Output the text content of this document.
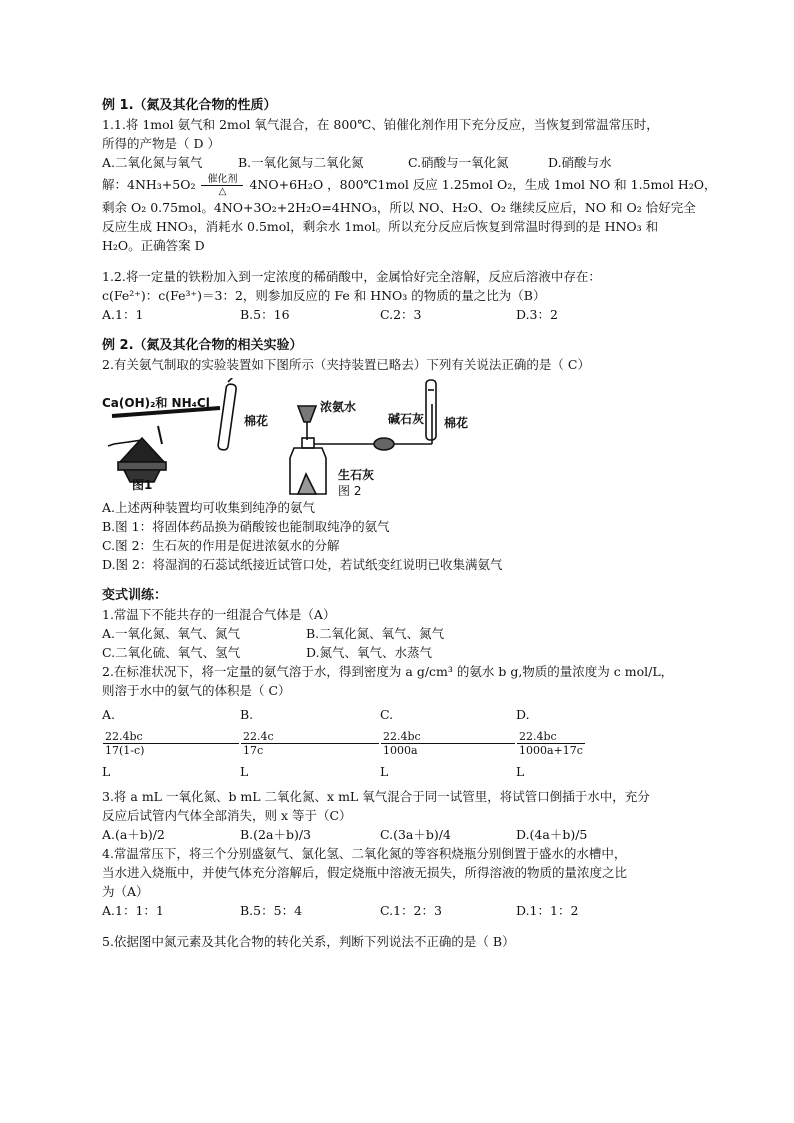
例 1.（氮及其化合物的性质）

1.1.将 1mol 氨气和 2mol 氧气混合，在 800℃、铂催化剂作用下充分反应，当恢复到常温常压时，

所得的产物是（ D ）

A.二氧化氮与氧气	B.一氧化氮与二氧化氮	C.硝酸与一氧化氮	D.硝酸与水

解：4NH₃+5O₂	催化剂
△ 4NO+6H₂O ，800℃1mol 反应 1.25mol O₂，生成 1mol NO 和 1.5mol H₂O，

剩余 O₂ 0.75mol。4NO+3O₂+2H₂O=4HNO₃，所以 NO、H₂O、O₂ 继续反应后，NO 和 O₂ 恰好完全

反应生成 HNO₃，消耗水 0.5mol，剩余水 1mol。所以充分反应后恢复到常温时得到的是 HNO₃ 和

H₂O。正确答案 D

1.2.将一定量的铁粉加入到一定浓度的稀硝酸中，金属恰好完全溶解，反应后溶液中存在：

c(Fe²⁺)：c(Fe³⁺)＝3：2，则参加反应的 Fe 和 HNO₃ 的物质的量之比为（B）

A.1：1	B.5：16	C.2：3	D.3：2

例 2.（氮及其化合物的相关实验）

2.有关氨气制取的实验装置如下图所示（夹持装置已略去）下列有关说法正确的是（ C）

Ca(OH)₂和 NH₄Cl
棉花
图1
浓氨水
碱石灰 棉花
生石灰
图 2

A.上述两种装置均可收集到纯净的氨气

B.图 1：将固体药品换为硝酸铵也能制取纯净的氨气

C.图 2：生石灰的作用是促进浓氨水的分解

D.图 2：将湿润的石蕊试纸接近试管口处，若试纸变红说明已收集满氨气

变式训练：

1.常温下不能共存的一组混合气体是（A）

A.一氧化氮、氧气、氮气	B.二氧化氮、氧气、氮气
C.二氧化硫、氧气、氢气	D.氮气、氧气、水蒸气

2.在标准状况下，将一定量的氨气溶于水，得到密度为 a g/cm³ 的氨水 b g,物质的量浓度为 c mol/L，

则溶于水中的氨气的体积是（ C）

A.
22.4bc
17(1-c)
L
B.
22.4c
17c
L
C.
22.4bc
1000a
L
D.
22.4bc
1000a+17c
L

3.将 a mL 一氧化氮、b mL 二氧化氮、x mL 氧气混合于同一试管里，将试管口倒插于水中，充分

反应后试管内气体全部消失，则 x 等于（C）

A.(a＋b)/2	B.(2a＋b)/3	C.(3a＋b)/4	D.(4a＋b)/5

4.常温常压下，将三个分别盛氨气、氯化氢、二氧化氮的等容积烧瓶分别倒置于盛水的水槽中，

当水进入烧瓶中，并使气体充分溶解后，假定烧瓶中溶液无损失，所得溶液的物质的量浓度之比

为（A）

A.1：1：1	B.5：5：4	C.1：2：3	D.1：1：2

5.依据图中氮元素及其化合物的转化关系，判断下列说法不正确的是（ B）
